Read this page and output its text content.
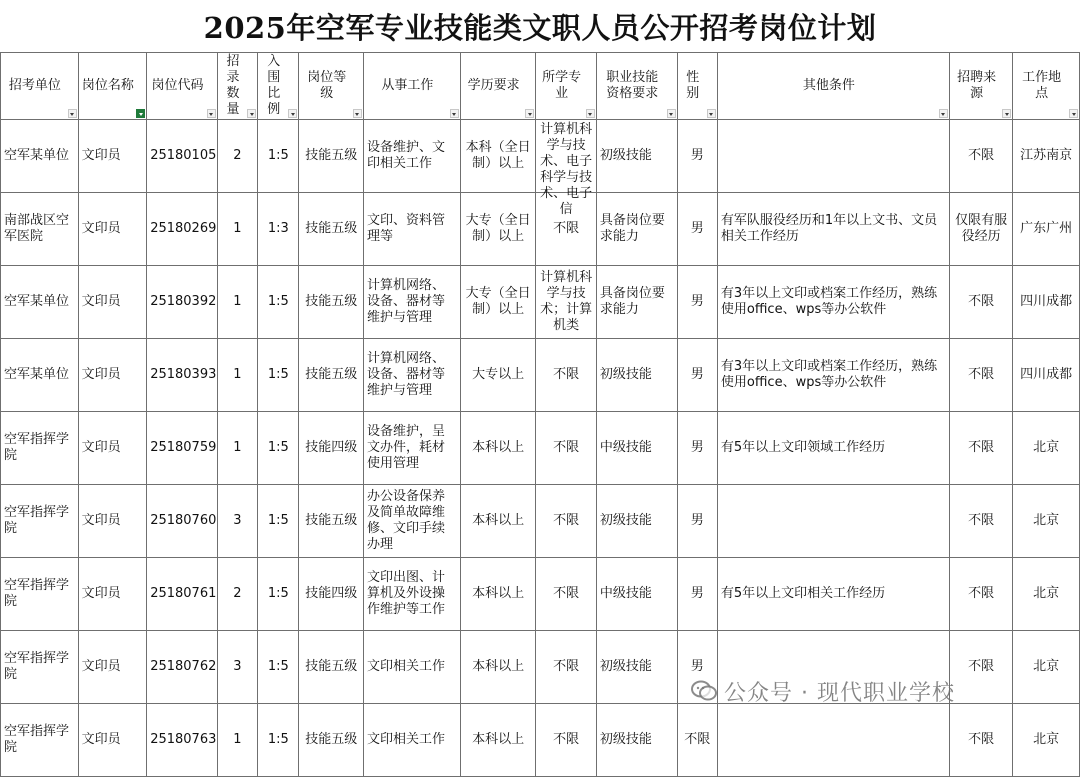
2025年空军专业技能类文职人员公开招考岗位计划
招考单位	岗位名称	岗位代码	招录数量	入围比例	岗位等级	从事工作	学历要求	所学专业	职业技能资格要求	性别	其他条件	招聘来源	工作地点

空军某单位	文印员	25180105	2	1:5	技能五级	设备维护、文印相关工作	本科（全日制）以上	计算机科学与技术、电子科学与技术、电子信	初级技能	男		不限	江苏南京

南部战区空军医院	文印员	25180269	1	1:3	技能五级	文印、资料管理等	大专（全日制）以上	不限	具备岗位要求能力	男	有军队服役经历和1年以上文书、文员相关工作经历	仅限有服役经历	广东广州

空军某单位	文印员	25180392	1	1:5	技能五级	计算机网络、设备、器材等维护与管理	大专（全日制）以上	计算机科学与技术；计算机类	具备岗位要求能力	男	有3年以上文印或档案工作经历，熟练使用office、wps等办公软件	不限	四川成都

空军某单位	文印员	25180393	1	1:5	技能五级	计算机网络、设备、器材等维护与管理	大专以上	不限	初级技能	男	有3年以上文印或档案工作经历，熟练使用office、wps等办公软件	不限	四川成都

空军指挥学院	文印员	25180759	1	1:5	技能四级	设备维护，呈文办件，耗材使用管理	本科以上	不限	中级技能	男	有5年以上文印领域工作经历	不限	北京

空军指挥学院	文印员	25180760	3	1:5	技能五级	办公设备保养及简单故障维修、文印手续办理	本科以上	不限	初级技能	男		不限	北京

空军指挥学院	文印员	25180761	2	1:5	技能四级	文印出图、计算机及外设操作维护等工作	本科以上	不限	中级技能	男	有5年以上文印相关工作经历	不限	北京

空军指挥学院	文印员	25180762	3	1:5	技能五级	文印相关工作	本科以上	不限	初级技能	男		不限	北京

空军指挥学院	文印员	25180763	1	1:5	技能五级	文印相关工作	本科以上	不限	初级技能	不限		不限	北京
公众号 · 现代职业学校
